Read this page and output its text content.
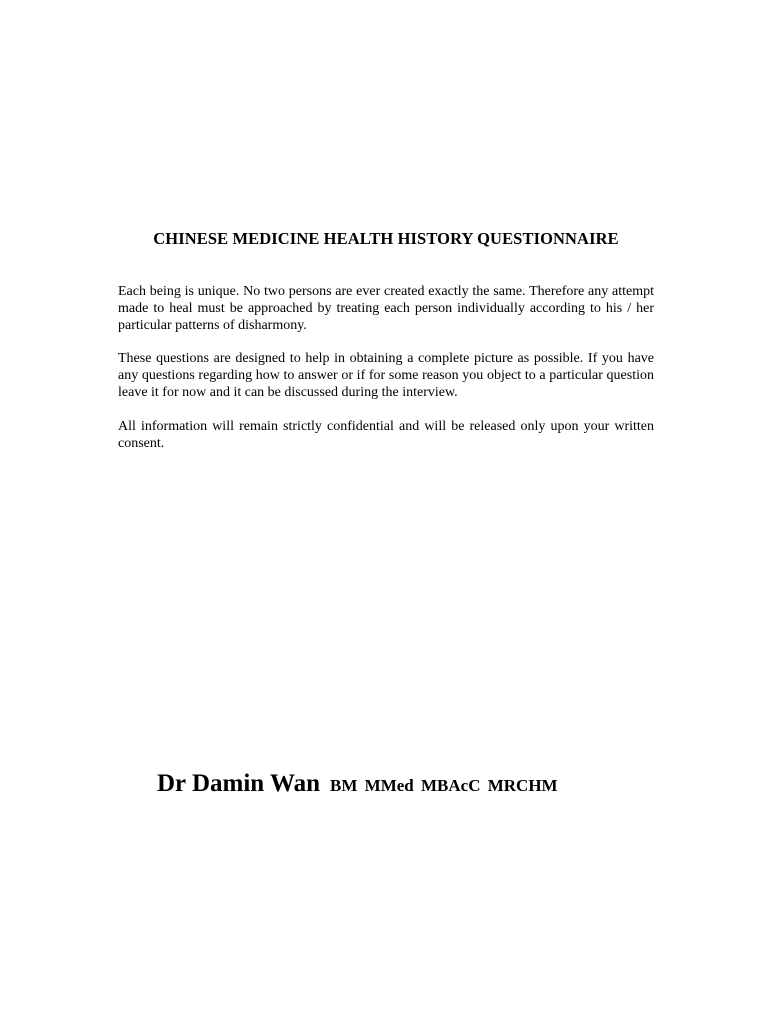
CHINESE MEDICINE HEALTH HISTORY QUESTIONNAIRE

Each being is unique. No two persons are ever created exactly the same. Therefore any attempt made to heal must be approached by treating each person individually according to his / her particular patterns of disharmony.

These questions are designed to help in obtaining a complete picture as possible. If you have any questions regarding how to answer or if for some reason you object to a particular question leave it for now and it can be discussed during the interview.

All information will remain strictly confidential and will be released only upon your written consent.

Dr Damin Wan BM MMed MBAcC MRCHM
